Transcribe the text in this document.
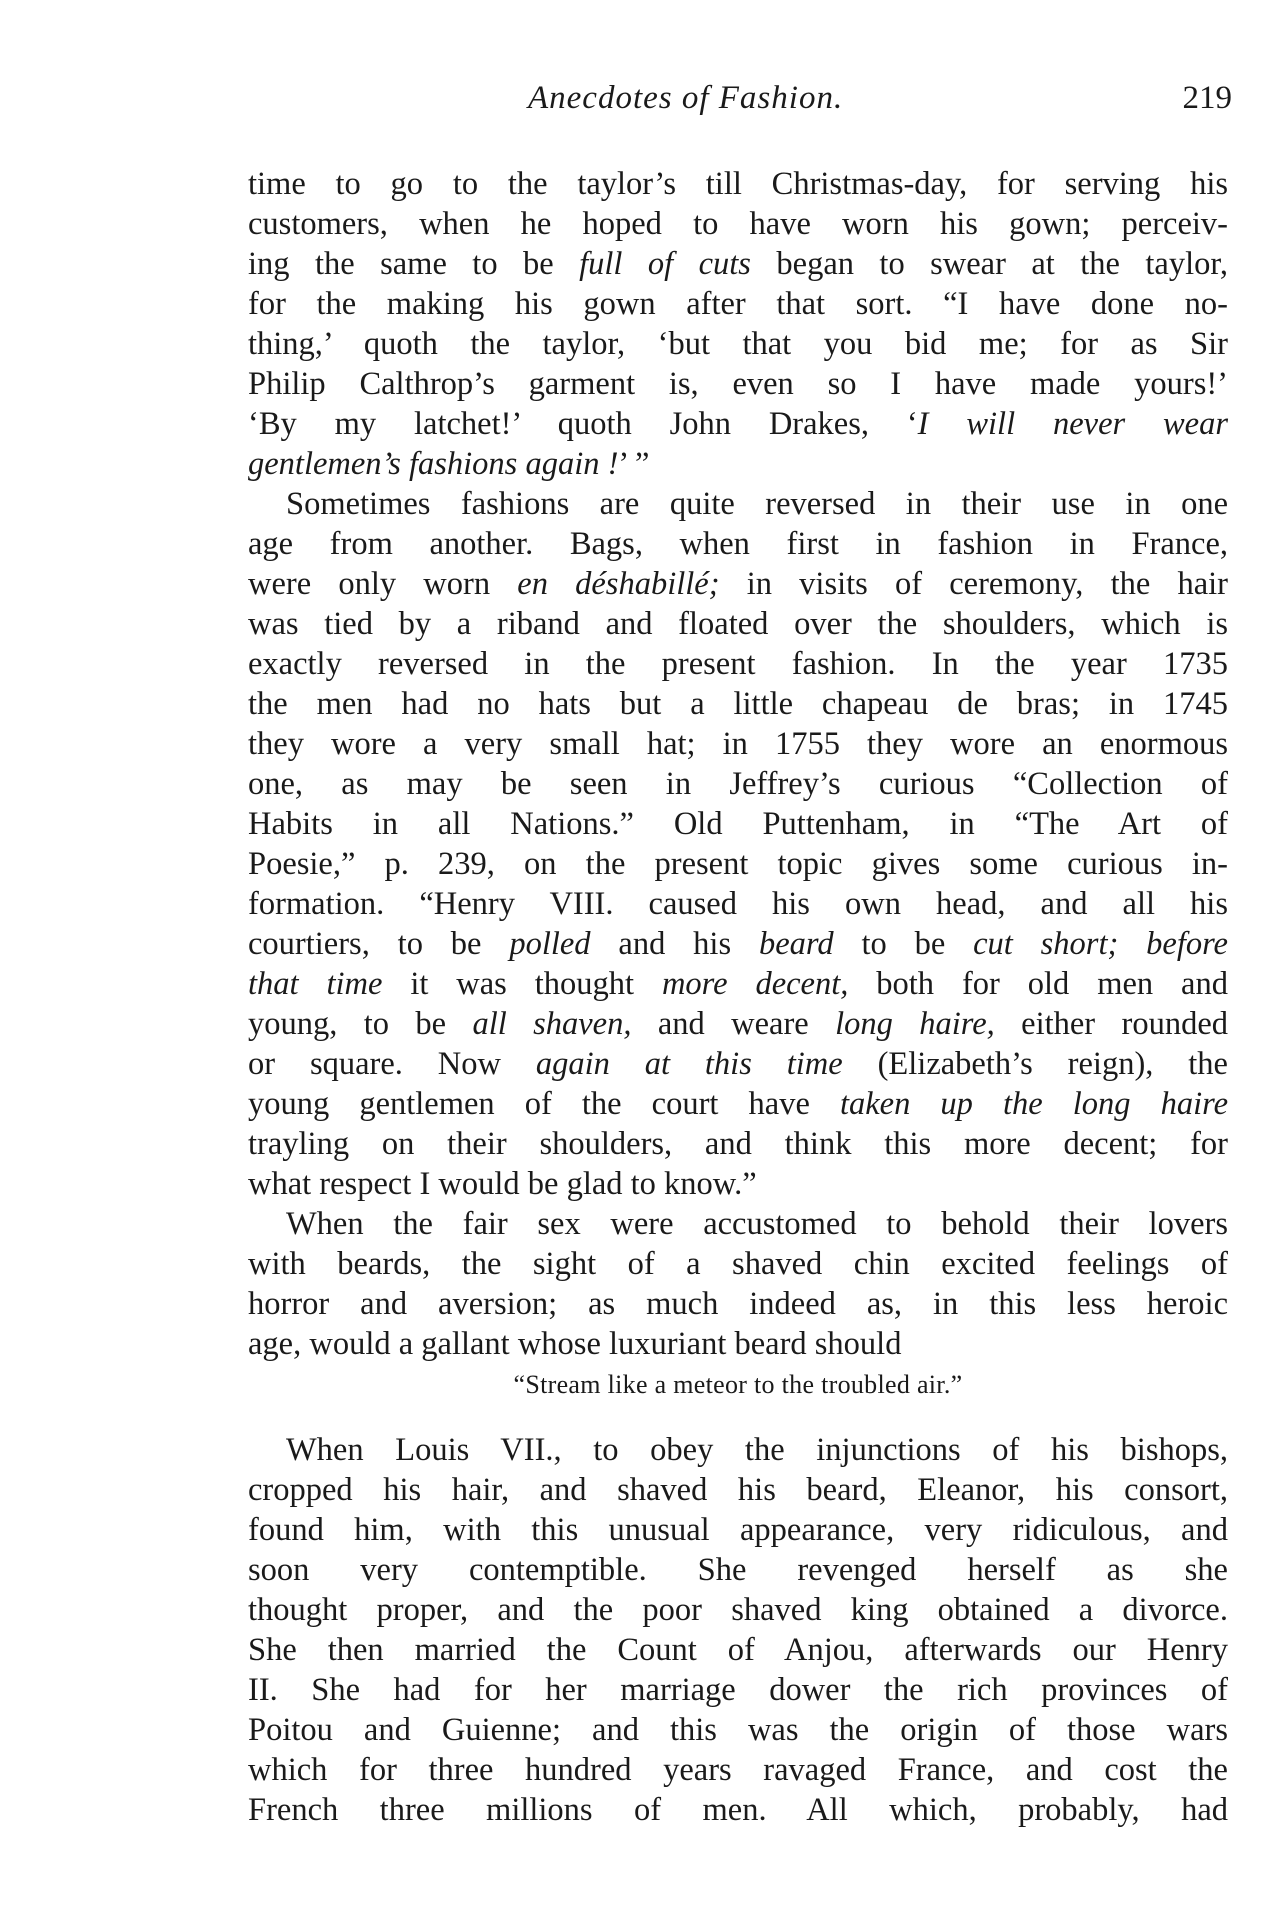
Anecdotes of Fashion.	219
time to go to the taylor’s till Christmas-day, for serving his
customers, when he hoped to have worn his gown; perceiv-
ing the same to be full of cuts began to swear at the taylor,
for the making his gown after that sort. “I have done no-
thing,’ quoth the taylor, ‘but that you bid me; for as Sir
Philip Calthrop’s garment is, even so I have made yours!’
‘By my latchet!’ quoth John Drakes, ‘I will never wear
gentlemen’s fashions again !’ ”
Sometimes fashions are quite reversed in their use in one
age from another. Bags, when first in fashion in France,
were only worn en déshabillé; in visits of ceremony, the hair
was tied by a riband and floated over the shoulders, which is
exactly reversed in the present fashion. In the year 1735
the men had no hats but a little chapeau de bras; in 1745
they wore a very small hat; in 1755 they wore an enormous
one, as may be seen in Jeffrey’s curious “Collection of
Habits in all Nations.” Old Puttenham, in “The Art of
Poesie,” p. 239, on the present topic gives some curious in-
formation. “Henry VIII. caused his own head, and all his
courtiers, to be polled and his beard to be cut short; before
that time it was thought more decent, both for old men and
young, to be all shaven, and weare long haire, either rounded
or square. Now again at this time (Elizabeth’s reign), the
young gentlemen of the court have taken up the long haire
trayling on their shoulders, and think this more decent; for
what respect I would be glad to know.”
When the fair sex were accustomed to behold their lovers
with beards, the sight of a shaved chin excited feelings of
horror and aversion; as much indeed as, in this less heroic
age, would a gallant whose luxuriant beard should
“Stream like a meteor to the troubled air.”
When Louis VII., to obey the injunctions of his bishops,
cropped his hair, and shaved his beard, Eleanor, his consort,
found him, with this unusual appearance, very ridiculous, and
soon very contemptible. She revenged herself as she
thought proper, and the poor shaved king obtained a divorce.
She then married the Count of Anjou, afterwards our Henry
II. She had for her marriage dower the rich provinces of
Poitou and Guienne; and this was the origin of those wars
which for three hundred years ravaged France, and cost the
French three millions of men. All which, probably, had
